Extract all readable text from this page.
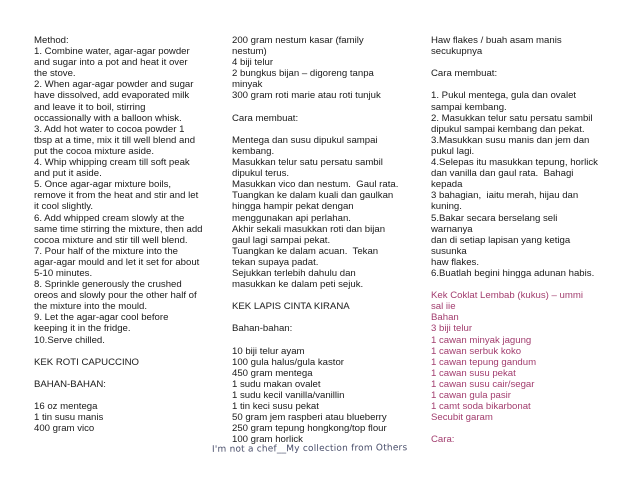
Method:
1. Combine water, agar-agar powder
and sugar into a pot and heat it over
the stove.
2. When agar-agar powder and sugar
have dissolved, add evaporated milk
and leave it to boil, stirring
occassionally with a balloon whisk.
3. Add hot water to cocoa powder 1
tbsp at a time, mix it till well blend and
put the cocoa mixture aside.
4. Whip whipping cream till soft peak
and put it aside.
5. Once agar-agar mixture boils,
remove it from the heat and stir and let
it cool slightly.
6. Add whipped cream slowly at the
same time stirring the mixture, then add
cocoa mixture and stir till well blend.
7. Pour half of the mixture into the
agar-agar mould and let it set for about
5-10 minutes.
8. Sprinkle generously the crushed
oreos and slowly pour the other half of
the mixture into the mould.
9. Let the agar-agar cool before
keeping it in the fridge.
10.Serve chilled.
KEK ROTI CAPUCCINO
BAHAN-BAHAN:
16 oz mentega
1 tin susu manis
400 gram vico
200 gram nestum kasar (family
nestum)
4 biji telur
2 bungkus bijan – digoreng tanpa
minyak
300 gram roti marie atau roti tunjuk
Cara membuat:
Mentega dan susu dipukul sampai
kembang.
Masukkan telur satu persatu sambil
dipukul terus.
Masukkan vico dan nestum.  Gaul rata.
Tuangkan ke dalam kuali dan gaulkan
hingga hampir pekat dengan
menggunakan api perlahan.
Akhir sekali masukkan roti dan bijan
gaul lagi sampai pekat.
Tuangkan ke dalam acuan.  Tekan
tekan supaya padat.
Sejukkan terlebih dahulu dan
masukkan ke dalam peti sejuk.
KEK LAPIS CINTA KIRANA
Bahan-bahan:
10 biji telur ayam
100 gula halus/gula kastor
450 gram mentega
1 sudu makan ovalet
1 sudu kecil vanilla/vanillin
1 tin keci susu pekat
50 gram jem raspberi atau blueberry
250 gram tepung hongkong/top flour
100 gram horlick
Haw flakes / buah asam manis
secukupnya
Cara membuat:
1. Pukul mentega, gula dan ovalet
sampai kembang.
2. Masukkan telur satu persatu sambil
dipukul sampai kembang dan pekat.
3.Masukkan susu manis dan jem dan
pukul lagi.
4.Selepas itu masukkan tepung, horlick
dan vanilla dan gaul rata.  Bahagi
kepada
3 bahagian,  iaitu merah, hijau dan
kuning.
5.Bakar secara berselang seli
warnanya
dan di setiap lapisan yang ketiga
susunka
haw flakes.
6.Buatlah begini hingga adunan habis.
Kek Coklat Lembab (kukus) – ummi
sal iie
Bahan
3 biji telur
1 cawan minyak jagung
1 cawan serbuk koko
1 cawan tepung gandum
1 cawan susu pekat
1 cawan susu cair/segar
1 cawan gula pasir
1 camt soda bikarbonat
Secubit garam
Cara:
I'm not a chef__My collection from Others
